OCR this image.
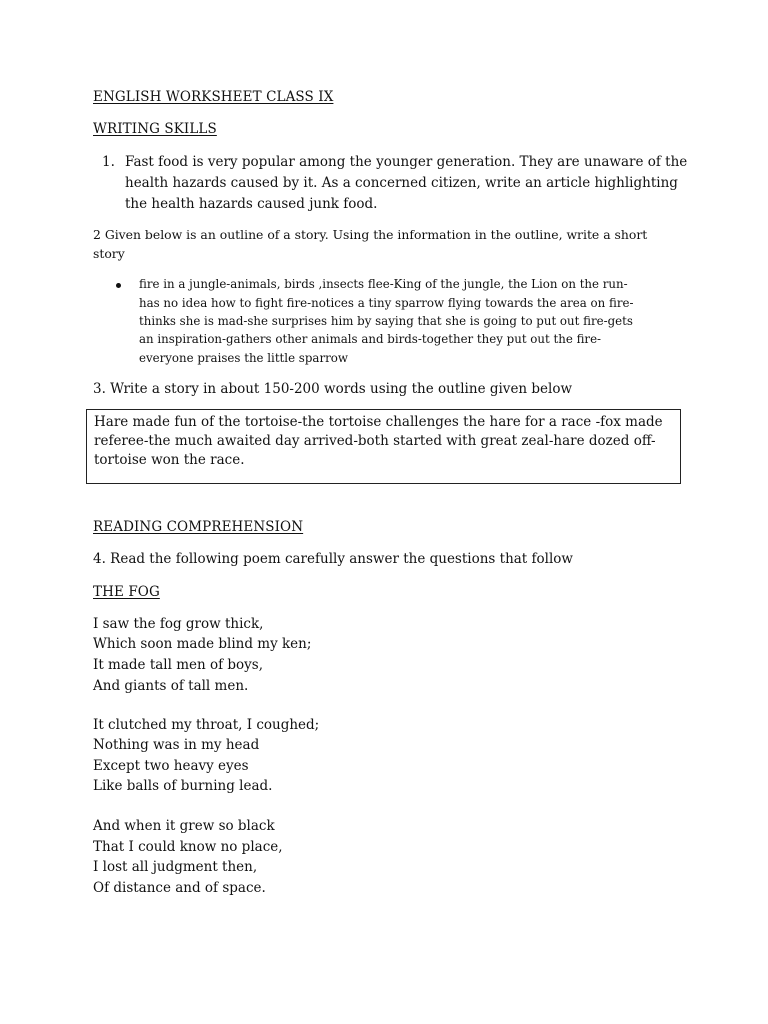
ENGLISH WORKSHEET CLASS IX
WRITING SKILLS
1. Fast food is very popular among the younger generation. They are unaware of the health hazards caused by it. As a concerned citizen, write an article highlighting the health hazards caused junk food.
2 Given below is an outline of a story. Using the information in the outline, write a short
story
fire in a jungle-animals, birds ,insects flee-King of the jungle, the Lion on the run-
has no idea how to fight fire-notices a tiny sparrow flying towards the area on fire-
thinks she is mad-she surprises him by saying that she is going to put out fire-gets
an inspiration-gathers other animals and birds-together they put out the fire-
everyone praises the little sparrow
3. Write a story in about 150-200 words using the outline given below
Hare made fun of the tortoise-the tortoise challenges the hare for a race -fox made
referee-the much awaited day arrived-both started with great zeal-hare dozed off-
tortoise won the race.
READING COMPREHENSION
4. Read the following poem carefully answer the questions that follow
THE FOG
I saw the fog grow thick,
Which soon made blind my ken;
It made tall men of boys,
And giants of tall men.
It clutched my throat, I coughed;
Nothing was in my head
Except two heavy eyes
Like balls of burning lead.
And when it grew so black
That I could know no place,
I lost all judgment then,
Of distance and of space.
